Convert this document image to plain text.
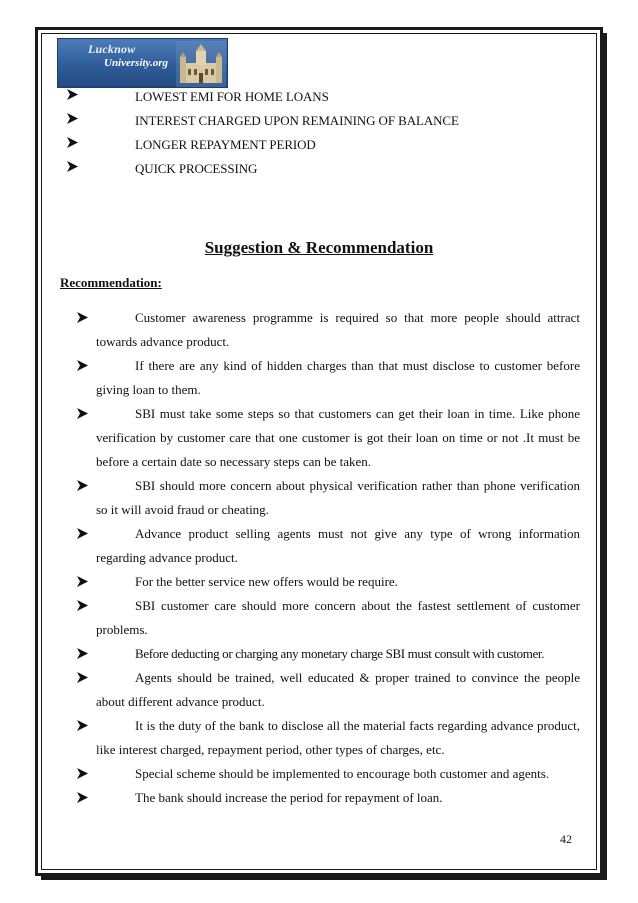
Lucknow
University.org
LOWEST EMI FOR HOME LOANS
INTEREST CHARGED UPON REMAINING OF BALANCE
LONGER REPAYMENT PERIOD
QUICK PROCESSING
Suggestion & Recommendation
Recommendation:
Customer awareness programme is required so that more people should attract towards advance product.
If there are any kind of hidden charges than that must disclose to customer before giving loan to them.
SBI must take some steps so that customers can get their loan in time. Like phone verification by customer care that one customer is got their loan on time or not .It must be before a certain date so necessary steps can be taken.
SBI should more concern about physical verification rather than phone verification so it will avoid fraud or cheating.
Advance product selling agents must not give any type of wrong information regarding advance product.
For the better service new offers would be require.
SBI customer care should more concern about the fastest settlement of customer problems.
Before deducting or charging any monetary charge SBI must consult with customer.
Agents should be trained, well educated & proper trained to convince the people about different advance product.
It is the duty of the bank to disclose all the material facts regarding advance product, like interest charged, repayment period, other types of charges, etc.
Special scheme should be implemented to encourage both customer and agents.
The bank should increase the period for repayment of loan.
42
